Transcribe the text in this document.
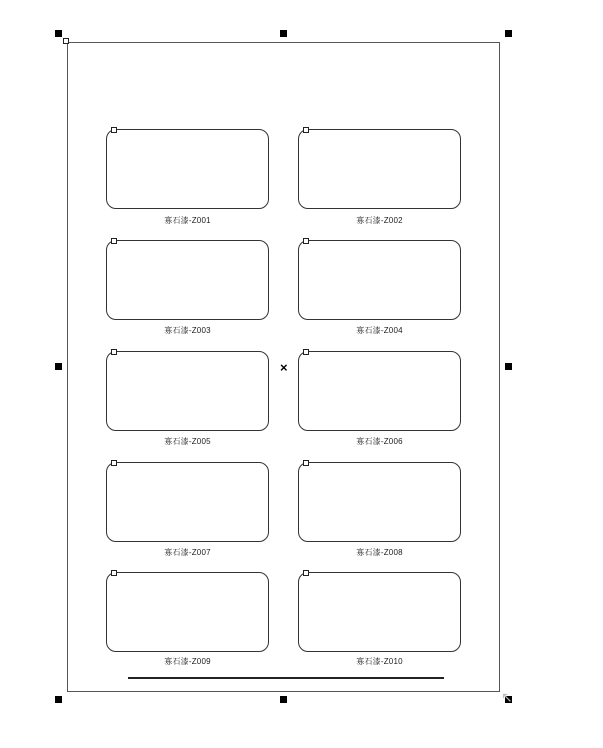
×
寡石漆-Z001	寡石漆-Z002
寡石漆-Z003	寡石漆-Z004
寡石漆-Z005	寡石漆-Z006
寡石漆-Z007	寡石漆-Z008
寡石漆-Z009	寡石漆-Z010
↖
